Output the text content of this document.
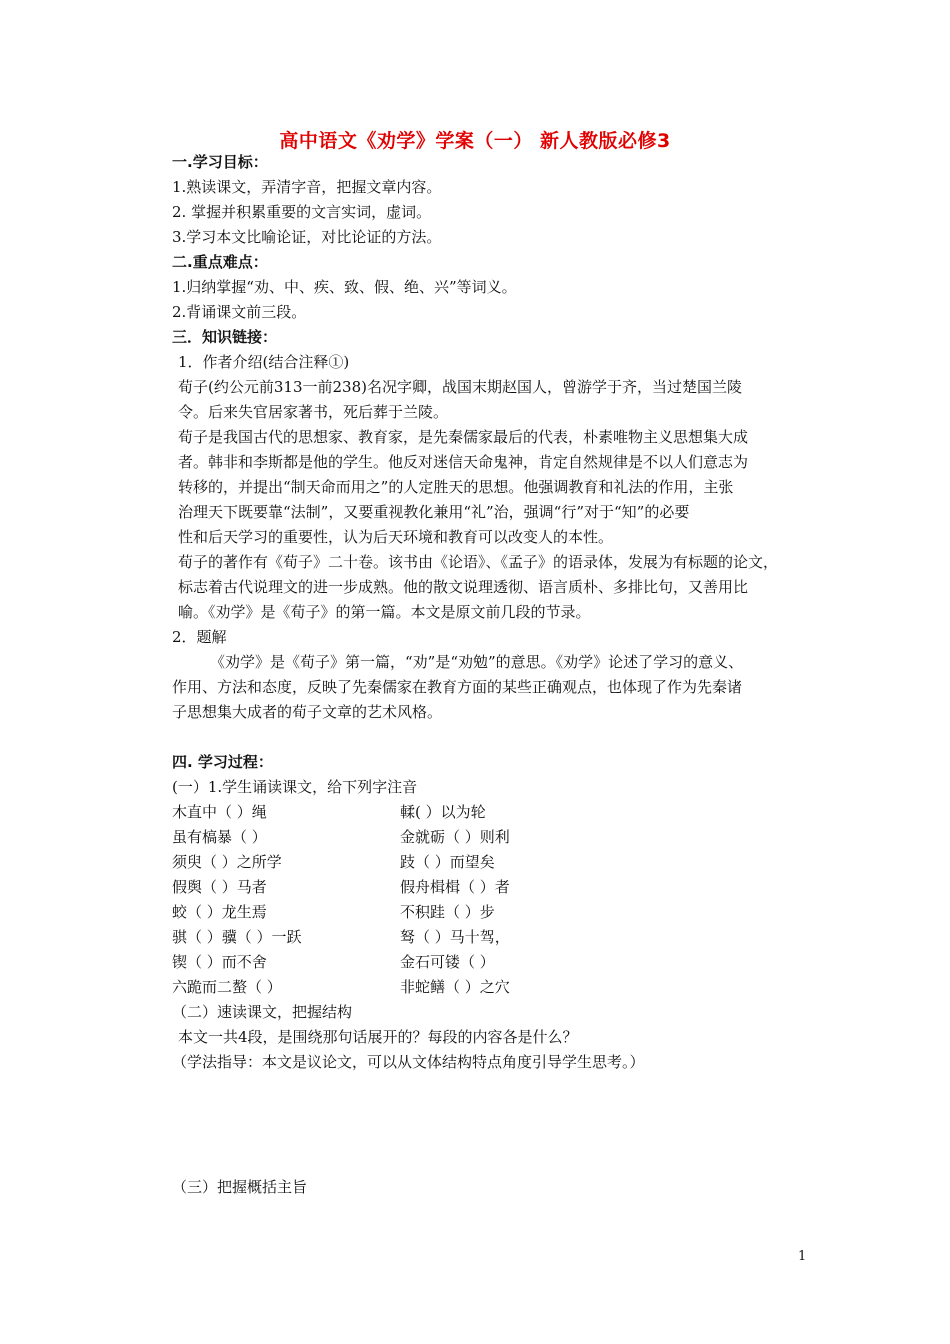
高中语文《劝学》学案（一） 新人教版必修3
一.学习目标：
1.熟读课文，弄清字音，把握文章内容。
2. 掌握并积累重要的文言实词，虚词。
3.学习本文比喻论证，对比论证的方法。
二.重点难点：
1.归纳掌握“劝、中、疾、致、假、绝、兴”等词义。
2.背诵课文前三段。
三．知识链接：
1．作者介绍(结合注释①)
荀子(约公元前313一前238)名况字卿，战国末期赵国人，曾游学于齐，当过楚国兰陵
令。后来失官居家著书，死后葬于兰陵。
荀子是我国古代的思想家、教育家，是先秦儒家最后的代表，朴素唯物主义思想集大成
者。韩非和李斯都是他的学生。他反对迷信天命鬼神，肯定自然规律是不以人们意志为
转移的，并提出“制天命而用之”的人定胜天的思想。他强调教育和礼法的作用，主张
治理天下既要靠“法制”，又要重视教化兼用“礼”治，强调“行”对于“知”的必要
性和后天学习的重要性，认为后天环境和教育可以改变人的本性。
荀子的著作有《荀子》二十卷。该书由《论语》、《孟子》的语录体，发展为有标题的论文，
标志着古代说理文的进一步成熟。他的散文说理透彻、语言质朴、多排比句，又善用比
喻。《劝学》是《荀子》的第一篇。本文是原文前几段的节录。
2．题解
《劝学》是《荀子》第一篇，“劝”是“劝勉”的意思。《劝学》论述了学习的意义、
作用、方法和态度，反映了先秦儒家在教育方面的某些正确观点，也体现了作为先秦诸
子思想集大成者的荀子文章的艺术风格。
四. 学习过程：
(一）1.学生诵读课文，给下列字注音
木直中（ ）绳	輮( ）以为轮
虽有槁暴（ ）	金就砺（ ）则利
须臾（ ）之所学	跂（ ）而望矣
假舆（ ）马者	假舟楫楫（ ）者
蛟（ ）龙生焉	不积跬（ ）步
骐（ ）骥（ ）一跃	驽（ ）马十驾，
锲（ ）而不舍	金石可镂（ ）
六跪而二螯（ ）	非蛇鳝（ ）之穴
（二）速读课文，把握结构
本文一共4段，是围绕那句话展开的？每段的内容各是什么？
（学法指导：本文是议论文，可以从文体结构特点角度引导学生思考。）
（三）把握概括主旨
1
